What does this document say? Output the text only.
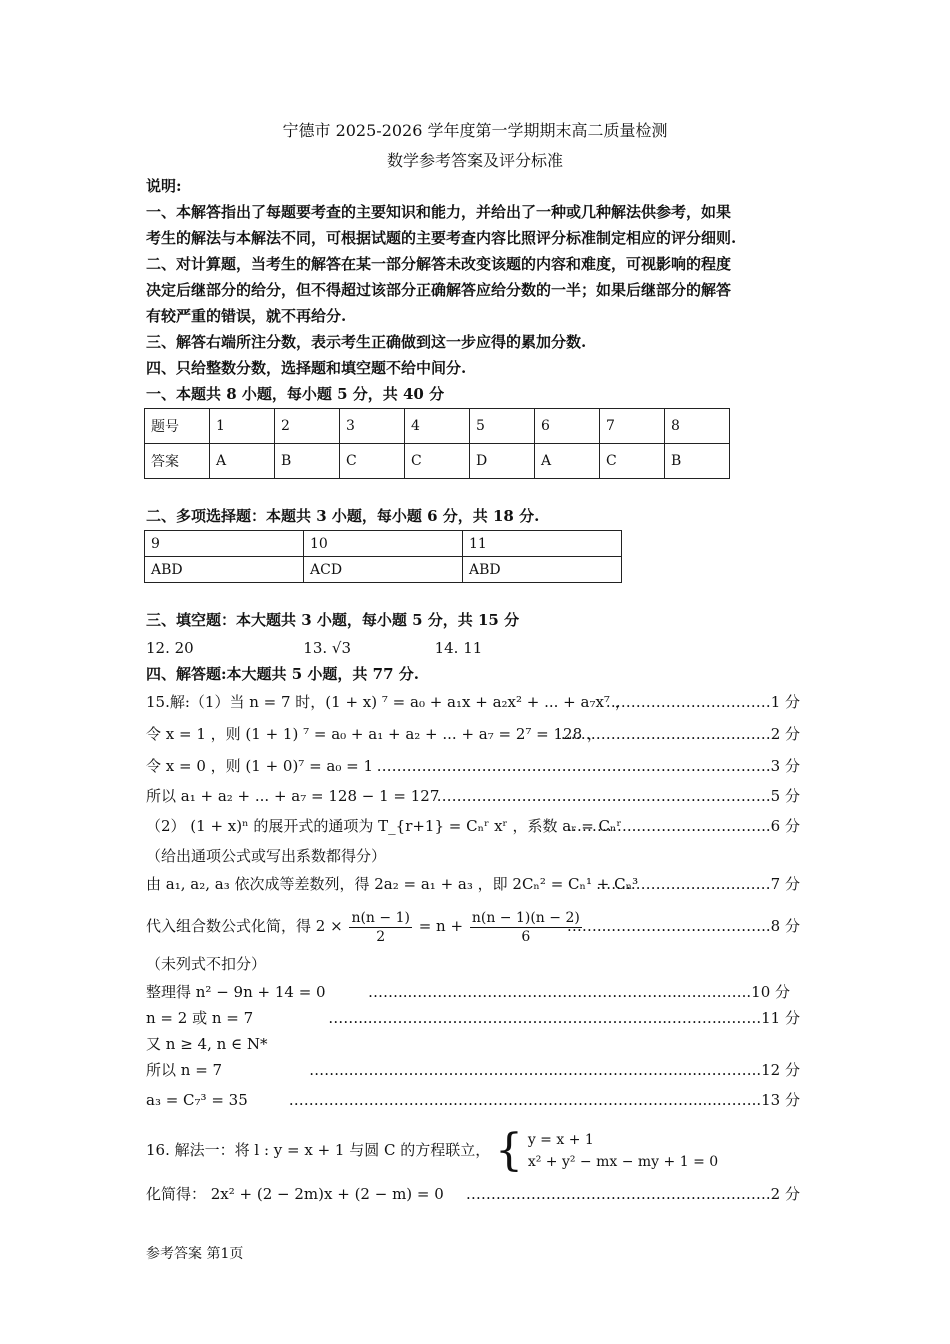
宁德市 2025-2026 学年度第一学期期末高二质量检测
数学参考答案及评分标准
说明:
一、本解答指出了每题要考查的主要知识和能力，并给出了一种或几种解法供参考，如果
考生的解法与本解法不同，可根据试题的主要考查内容比照评分标准制定相应的评分细则.
二、对计算题，当考生的解答在某一部分解答未改变该题的内容和难度，可视影响的程度
决定后继部分的给分，但不得超过该部分正确解答应给分数的一半；如果后继部分的解答
有较严重的错误，就不再给分.
三、解答右端所注分数，表示考生正确做到这一步应得的累加分数.
四、只给整数分数，选择题和填空题不给中间分.
一、本题共 8 小题，每小题 5 分，共 40 分
题号	1	2	3	4	5	6	7	8
答案	A	B	C	C	D	A	C	B
二、多项选择题：本题共 3 小题，每小题 6 分，共 18 分.
9	10	11
ABD	ACD	ABD
三、填空题：本大题共 3 小题，每小题 5 分，共 15 分
12. 20	13. √3	14. 11
四、解答题:本大题共 5 小题，共 77 分.
15.解:（1）当 n = 7 时，(1 + x) ⁷ = a₀ + a₁x + a₂x² + ... + a₇x⁷ ，
……………………………1 分
令 x = 1 ，则 (1 + 1) ⁷ = a₀ + a₁ + a₂ + ... + a₇ = 2⁷ = 128 ，
……………………………………2 分
令 x = 0 ，则 (1 + 0)⁷ = a₀ = 1 ……………………………………………...…………………….3 分
所以 a₁ + a₂ + ... + a₇ = 128 − 1 = 127
…………………………………...…………………….5 分
（2） (1 + x)ⁿ 的展开式的通项为 T_{r+1} = Cₙʳ xʳ ，系数 aᵣ = Cₙʳ
…………...……………………..6 分
（给出通项公式或写出系数都得分）
由 a₁, a₂, a₃ 依次成等差数列，得 2a₂ = a₁ + a₃ ，即 2Cₙ² = Cₙ¹ + Cₙ³
……..………………………7 分
代入组合数公式化简，得 $2 \times \frac{n(n - 1)}{2} = n + \frac{n(n - 1)(n - 2)}{6}$
……...…………………………..8 分
（未列式不扣分）
整理得 n² − 9n + 14 = 0	……...……………………………………………...…………..10 分
n = 2 或 n = 7	……...…………………………………………………...………..…….11 分
又 n ≥ 4, n ∈ N*
所以 n = 7	……...…………………………………..……………………......………..12 分
a₃ = C₇³ = 35	…………………………...…………………………………………......……..13 分
16. 解法一：将 l : y = x + 1 与圆 C 的方程联立， { y = x + 1
x² + y² − mx − my + 1 = 0
化简得： 2x² + (2 − 2m)x + (2 − m) = 0 …………………………………………………….2 分
参考答案 第1页
